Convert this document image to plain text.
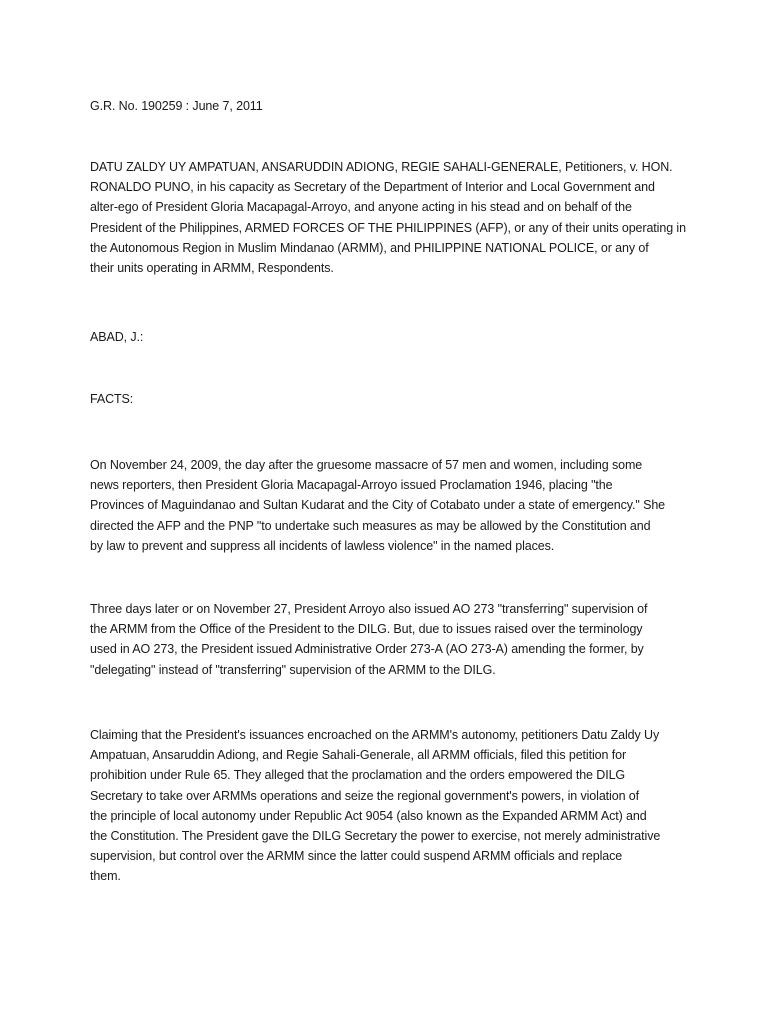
G.R. No. 190259 : June 7, 2011

DATU ZALDY UY AMPATUAN, ANSARUDDIN ADIONG, REGIE SAHALI-GENERALE, Petitioners, v. HON.
RONALDO PUNO, in his capacity as Secretary of the Department of Interior and Local Government and
alter-ego of President Gloria Macapagal-Arroyo, and anyone acting in his stead and on behalf of the
President of the Philippines, ARMED FORCES OF THE PHILIPPINES (AFP), or any of their units operating in
the Autonomous Region in Muslim Mindanao (ARMM), and PHILIPPINE NATIONAL POLICE, or any of
their units operating in ARMM, Respondents.

ABAD, J.:

FACTS:

On November 24, 2009, the day after the gruesome massacre of 57 men and women, including some
news reporters, then President Gloria Macapagal-Arroyo issued Proclamation 1946, placing "the
Provinces of Maguindanao and Sultan Kudarat and the City of Cotabato under a state of emergency." She
directed the AFP and the PNP "to undertake such measures as may be allowed by the Constitution and
by law to prevent and suppress all incidents of lawless violence" in the named places.

Three days later or on November 27, President Arroyo also issued AO 273 "transferring" supervision of
the ARMM from the Office of the President to the DILG. But, due to issues raised over the terminology
used in AO 273, the President issued Administrative Order 273-A (AO 273-A) amending the former, by
"delegating" instead of "transferring" supervision of the ARMM to the DILG.

Claiming that the President's issuances encroached on the ARMM's autonomy, petitioners Datu Zaldy Uy
Ampatuan, Ansaruddin Adiong, and Regie Sahali-Generale, all ARMM officials, filed this petition for
prohibition under Rule 65. They alleged that the proclamation and the orders empowered the DILG
Secretary to take over ARMMs operations and seize the regional government's powers, in violation of
the principle of local autonomy under Republic Act 9054 (also known as the Expanded ARMM Act) and
the Constitution. The President gave the DILG Secretary the power to exercise, not merely administrative
supervision, but control over the ARMM since the latter could suspend ARMM officials and replace
them.
